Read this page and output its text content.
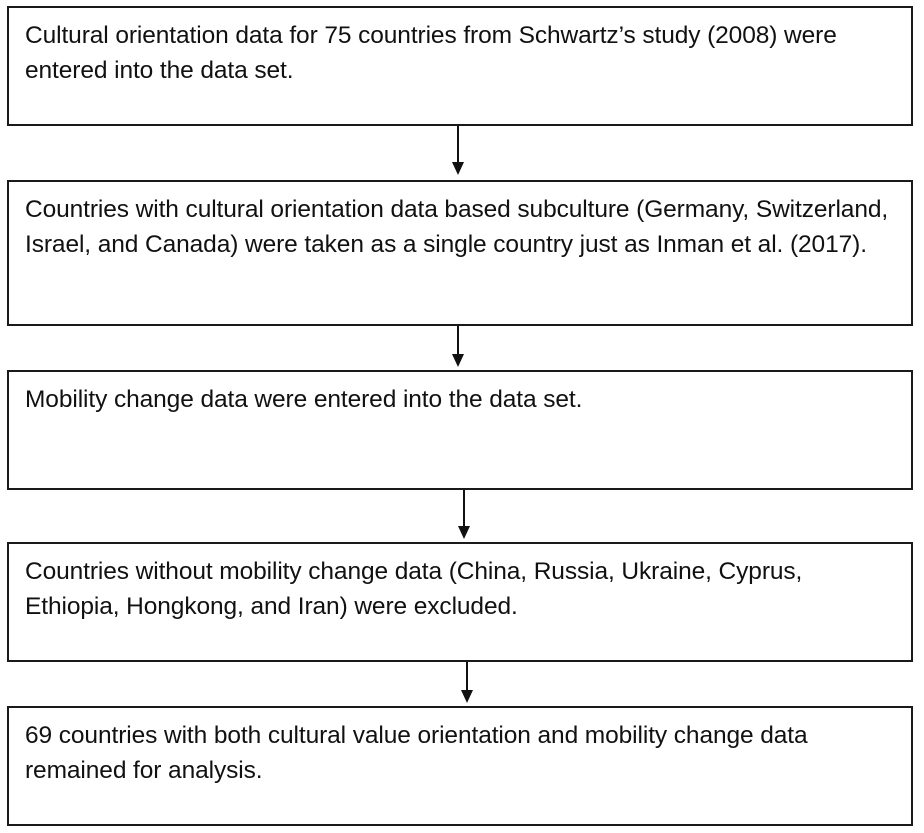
Cultural orientation data for 75 countries from Schwartz’s study (2008) were entered into the data set.
Countries with cultural orientation data based subculture (Germany, Switzerland, Israel, and Canada) were taken as a single country just as Inman et al. (2017).
Mobility change data were entered into the data set.
Countries without mobility change data (China, Russia, Ukraine, Cyprus, Ethiopia, Hongkong, and Iran) were excluded.
69 countries with both cultural value orientation and mobility change data remained for analysis.
